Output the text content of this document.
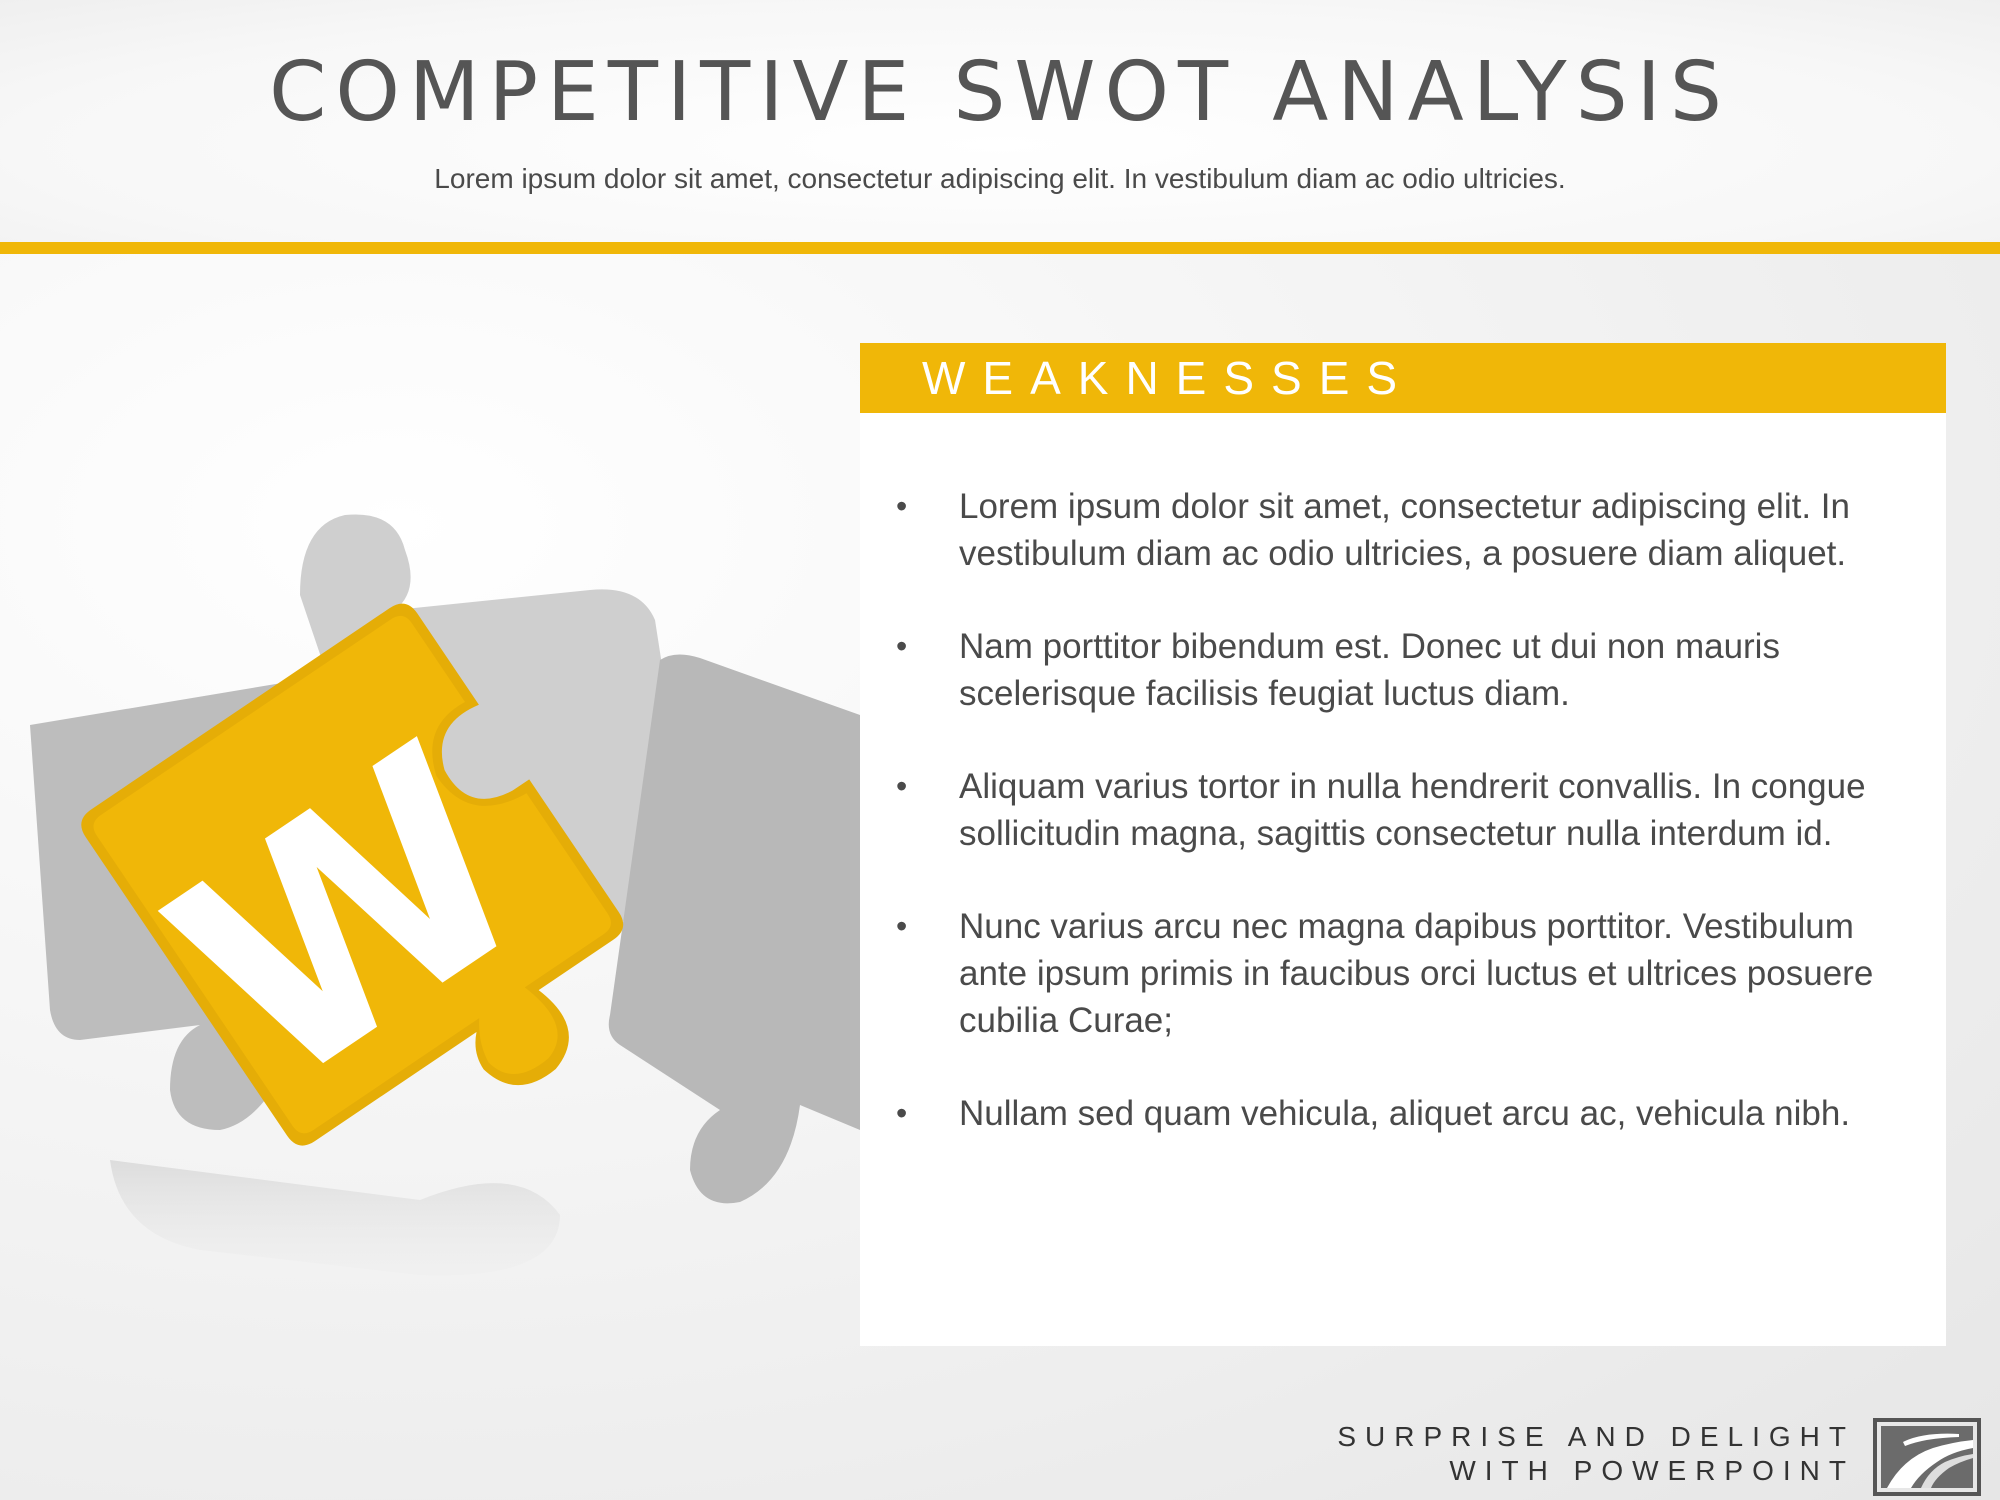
COMPETITIVE SWOT ANALYSIS
Lorem ipsum dolor sit amet, consectetur adipiscing elit. In vestibulum diam ac odio ultricies.
W
WEAKNESSES
• Lorem ipsum dolor sit amet, consectetur adipiscing elit. In vestibulum diam ac odio ultricies, a posuere diam aliquet.
• Nam porttitor bibendum est. Donec ut dui non mauris scelerisque facilisis feugiat luctus diam.
• Aliquam varius tortor in nulla hendrerit convallis. In congue sollicitudin magna, sagittis consectetur nulla interdum id.
• Nunc varius arcu nec magna dapibus porttitor. Vestibulum ante ipsum primis in faucibus orci luctus et ultrices posuere cubilia Curae;
• Nullam sed quam vehicula, aliquet arcu ac, vehicula nibh.
SURPRISE AND DELIGHT
WITH POWERPOINT
